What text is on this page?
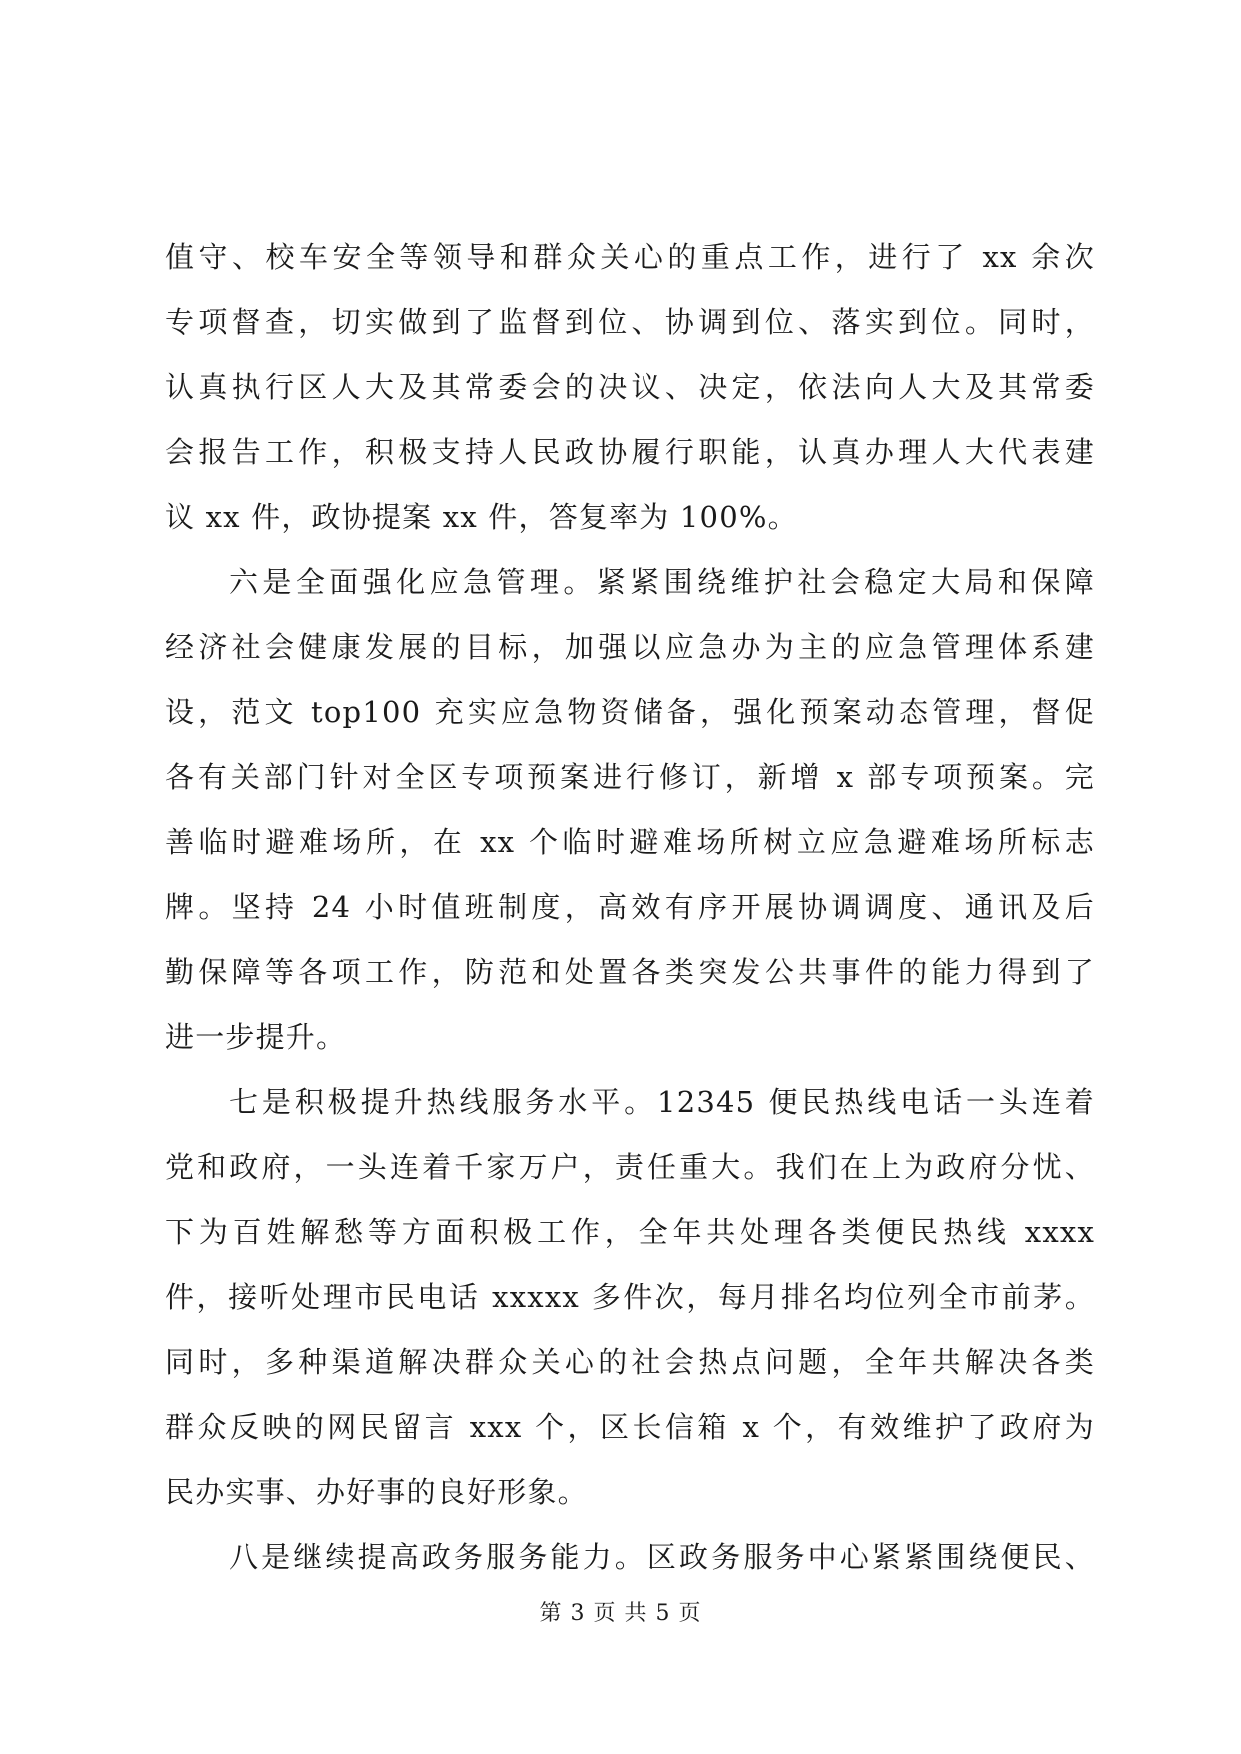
值守、校车安全等领导和群众关心的重点工作，进行了 xx 余次
专项督查，切实做到了监督到位、协调到位、落实到位。同时，
认真执行区人大及其常委会的决议、决定，依法向人大及其常委
会报告工作，积极支持人民政协履行职能，认真办理人大代表建
议 xx 件，政协提案 xx 件，答复率为 100%。
六是全面强化应急管理。紧紧围绕维护社会稳定大局和保障
经济社会健康发展的目标，加强以应急办为主的应急管理体系建
设，范文 top100 充实应急物资储备，强化预案动态管理，督促
各有关部门针对全区专项预案进行修订，新增 x 部专项预案。完
善临时避难场所，在 xx 个临时避难场所树立应急避难场所标志
牌。坚持 24 小时值班制度，高效有序开展协调调度、通讯及后
勤保障等各项工作，防范和处置各类突发公共事件的能力得到了
进一步提升。
七是积极提升热线服务水平。12345 便民热线电话一头连着
党和政府，一头连着千家万户，责任重大。我们在上为政府分忧、
下为百姓解愁等方面积极工作，全年共处理各类便民热线 xxxx
件，接听处理市民电话 xxxxx 多件次，每月排名均位列全市前茅。
同时，多种渠道解决群众关心的社会热点问题，全年共解决各类
群众反映的网民留言 xxx 个，区长信箱 x 个，有效维护了政府为
民办实事、办好事的良好形象。
八是继续提高政务服务能力。区政务服务中心紧紧围绕便民、
第 3 页 共 5 页
